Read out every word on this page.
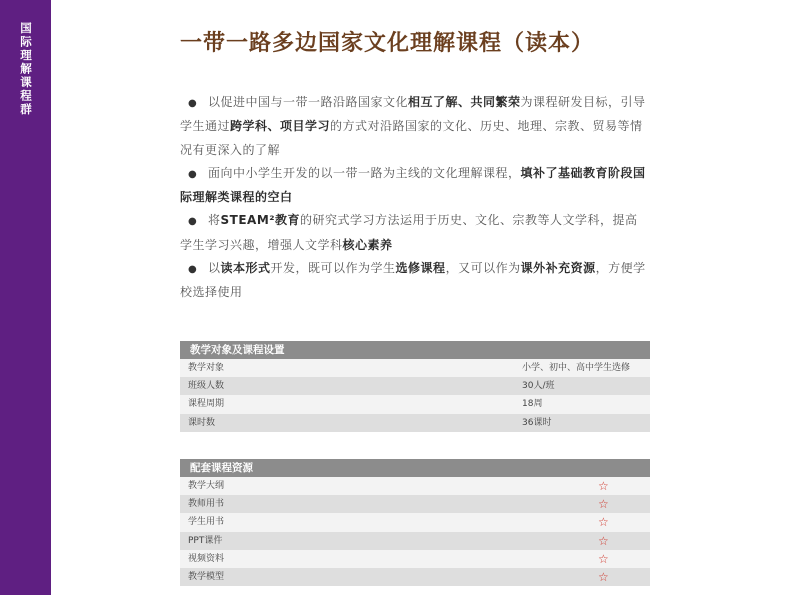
国际理解课程群	一带一路多边国家文化理解课程（读本）

● 以促进中国与一带一路沿路国家文化相互了解、共同繁荣为课程研发目标，引导学生通过跨学科、项目学习的方式对沿路国家的文化、历史、地理、宗教、贸易等情况有更深入的了解

● 面向中小学生开发的以一带一路为主线的文化理解课程，填补了基础教育阶段国际理解类课程的空白

● 将STEAM²教育的研究式学习方法运用于历史、文化、宗教等人文学科，提高学生学习兴趣，增强人文学科核心素养

● 以读本形式开发，既可以作为学生选修课程，又可以作为课外补充资源，方便学校选择使用

教学对象及课程设置
教学对象	小学、初中、高中学生选修
班级人数	30人/班
课程周期	18周
课时数	36课时
配套课程资源
教学大纲	☆
教师用书	☆
学生用书	☆
PPT课件	☆
视频资料	☆
教学模型	☆
